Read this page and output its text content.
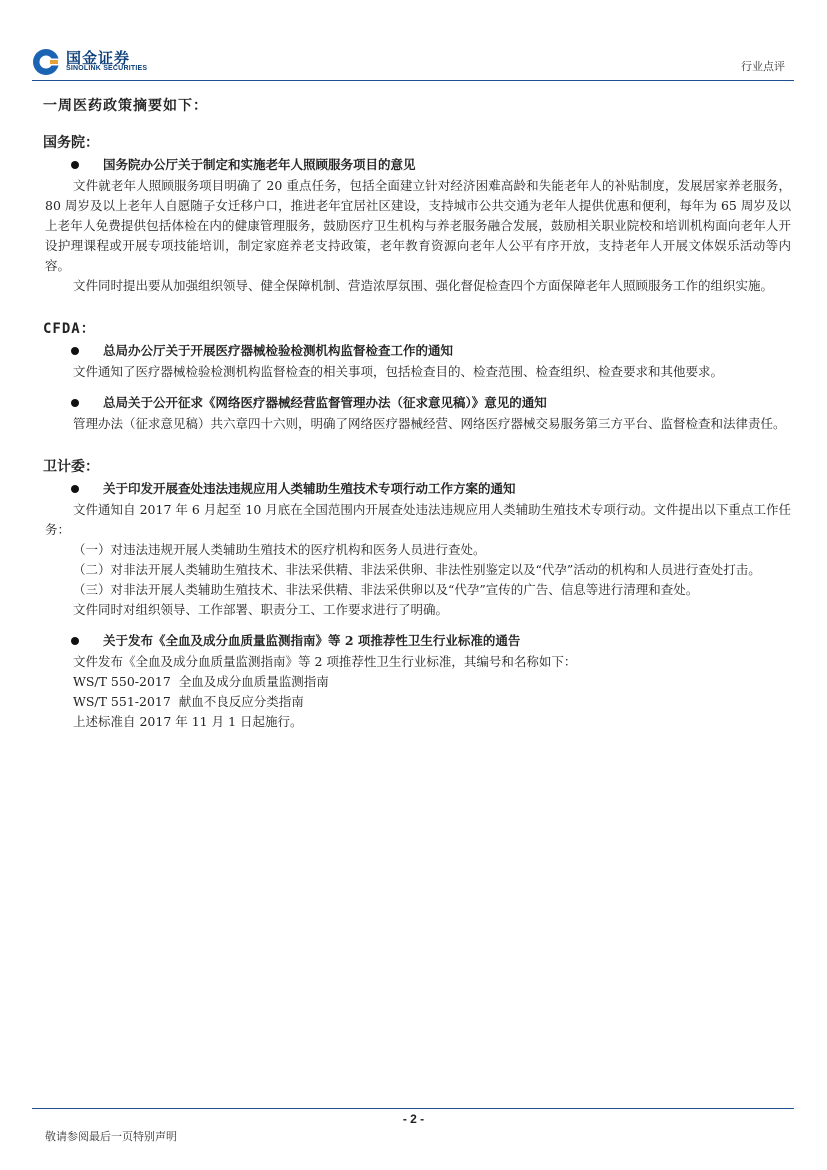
国金证券
SINOLINK SECURITIES	行业点评
一周医药政策摘要如下：
国务院：
国务院办公厅关于制定和实施老年人照顾服务项目的意见

文件就老年人照顾服务项目明确了 20 重点任务，包括全面建立针对经济困难高龄和失能老年人的补贴制度，发展居家养老服务，80 周岁及以上老年人自愿随子女迁移户口，推进老年宜居社区建设，支持城市公共交通为老年人提供优惠和便利，每年为 65 周岁及以上老年人免费提供包括体检在内的健康管理服务，鼓励医疗卫生机构与养老服务融合发展，鼓励相关职业院校和培训机构面向老年人开设护理课程或开展专项技能培训，制定家庭养老支持政策，老年教育资源向老年人公平有序开放，支持老年人开展文体娱乐活动等内容。

文件同时提出要从加强组织领导、健全保障机制、营造浓厚氛围、强化督促检查四个方面保障老年人照顾服务工作的组织实施。

CFDA：
总局办公厅关于开展医疗器械检验检测机构监督检查工作的通知

文件通知了医疗器械检验检测机构监督检查的相关事项，包括检查目的、检查范围、检查组织、检查要求和其他要求。

总局关于公开征求《网络医疗器械经营监督管理办法（征求意见稿）》意见的通知

管理办法（征求意见稿）共六章四十六则，明确了网络医疗器械经营、网络医疗器械交易服务第三方平台、监督检查和法律责任。

卫计委：
关于印发开展查处违法违规应用人类辅助生殖技术专项行动工作方案的通知

文件通知自 2017 年 6 月起至 10 月底在全国范围内开展查处违法违规应用人类辅助生殖技术专项行动。文件提出以下重点工作任务：

（一）对违法违规开展人类辅助生殖技术的医疗机构和医务人员进行查处。

（二）对非法开展人类辅助生殖技术、非法采供精、非法采供卵、非法性别鉴定以及“代孕”活动的机构和人员进行查处打击。

（三）对非法开展人类辅助生殖技术、非法采供精、非法采供卵以及“代孕”宣传的广告、信息等进行清理和查处。

文件同时对组织领导、工作部署、职责分工、工作要求进行了明确。

关于发布《全血及成分血质量监测指南》等 2 项推荐性卫生行业标准的通告

文件发布《全血及成分血质量监测指南》等 2 项推荐性卫生行业标准，其编号和名称如下：

WS/T 550-2017  全血及成分血质量监测指南

WS/T 551-2017  献血不良反应分类指南

上述标准自 2017 年 11 月 1 日起施行。

- 2 -
敬请参阅最后一页特别声明
